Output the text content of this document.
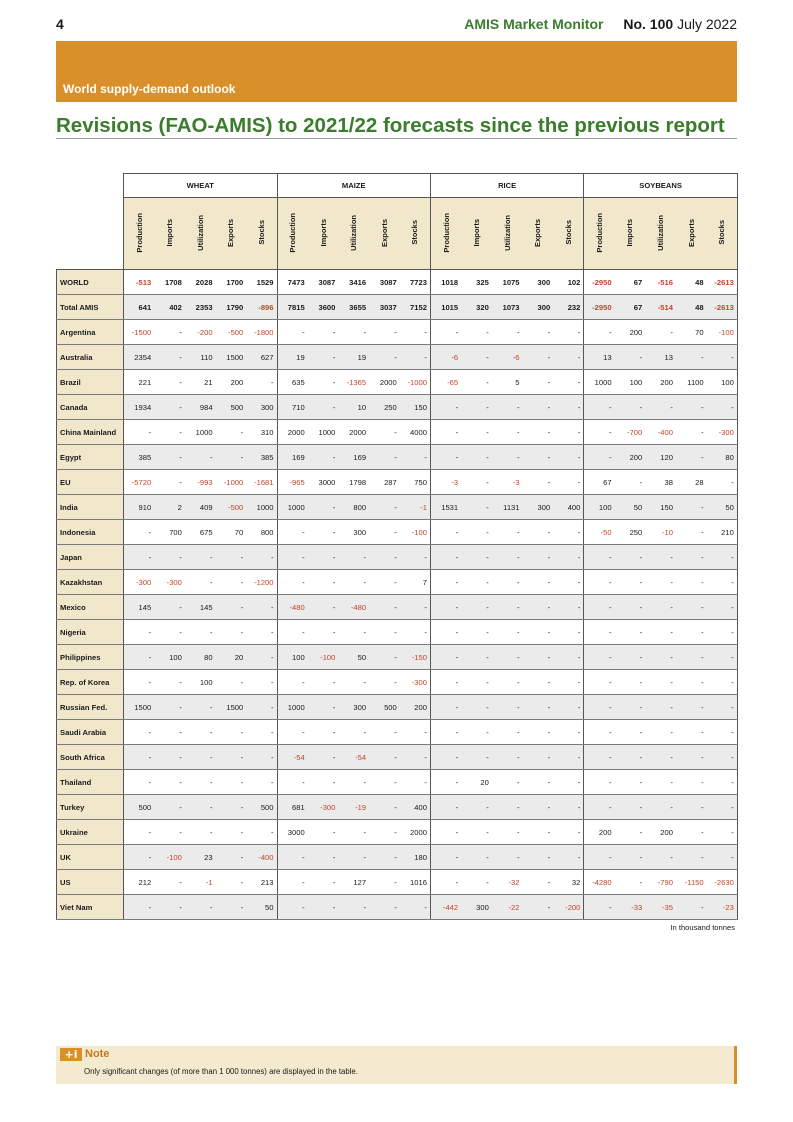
4	AMIS Market Monitor No. 100 July 2022
World supply-demand outlook
Revisions (FAO-AMIS) to 2021/22 forecasts since the previous report
	WHEAT					MAIZE					RICE					SOYBEANS				
	Production	Imports	Utilization	Exports	Stocks	Production	Imports	Utilization	Exports	Stocks	Production	Imports	Utilization	Exports	Stocks	Production	Imports	Utilization	Exports	Stocks
WORLD	-513	1708	2028	1700	1529	7473	3087	3416	3087	7723	1018	325	1075	300	102	-2950	67	-516	48	-2613
Total AMIS	641	402	2353	1790	-896	7815	3600	3655	3037	7152	1015	320	1073	300	232	-2950	67	-514	48	-2613
Argentina	-1500	-	-200	-500	-1800	-	-	-	-	-	-	-	-	-	-	-	200	-	70	-100
Australia	2354	-	110	1500	627	19	-	19	-	-	-6	-	-6	-	-	13	-	13	-	-
Brazil	221	-	21	200	-	635	-	-1365	2000	-1000	-65	-	5	-	-	1000	100	200	1100	100
Canada	1934	-	984	500	300	710	-	10	250	150	-	-	-	-	-	-	-	-	-	-
China Mainland	-	-	1000	-	310	2000	1000	2000	-	4000	-	-	-	-	-	-	-700	-400	-	-300
Egypt	385	-	-	-	385	169	-	169	-	-	-	-	-	-	-	-	200	120	-	80
EU	-5720	-	-993	-1000	-1681	-965	3000	1798	287	750	-3	-	-3	-	-	67	-	38	28	-
India	910	2	409	-500	1000	1000	-	800	-	-1	1531	-	1131	300	400	100	50	150	-	50
Indonesia	-	700	675	70	800	-	-	300	-	-100	-	-	-	-	-	-50	250	-10	-	210
Japan	-	-	-	-	-	-	-	-	-	-	-	-	-	-	-	-	-	-	-	-
Kazakhstan	-300	-300	-	-	-1200	-	-	-	-	7	-	-	-	-	-	-	-	-	-	-
Mexico	145	-	145	-	-	-480	-	-480	-	-	-	-	-	-	-	-	-	-	-	-
Nigeria	-	-	-	-	-	-	-	-	-	-	-	-	-	-	-	-	-	-	-	-
Philippines	-	100	80	20	-	100	-100	50	-	-150	-	-	-	-	-	-	-	-	-	-
Rep. of Korea	-	-	100	-	-	-	-	-	-	-300	-	-	-	-	-	-	-	-	-	-
Russian Fed.	1500	-	-	1500	-	1000	-	300	500	200	-	-	-	-	-	-	-	-	-	-
Saudi Arabia	-	-	-	-	-	-	-	-	-	-	-	-	-	-	-	-	-	-	-	-
South Africa	-	-	-	-	-	-54	-	-54	-	-	-	-	-	-	-	-	-	-	-	-
Thailand	-	-	-	-	-	-	-	-	-	-	-	20	-	-	-	-	-	-	-	-
Turkey	500	-	-	-	500	681	-300	-19	-	400	-	-	-	-	-	-	-	-	-	-
Ukraine	-	-	-	-	-	3000	-	-	-	2000	-	-	-	-	-	200	-	200	-	-
UK	-	-100	23	-	-400	-	-	-	-	180	-	-	-	-	-	-	-	-	-	-
US	212	-	-1	-	213	-	-	127	-	1016	-	-	-32	-	32	-4280	-	-790	-1150	-2630
Viet Nam	-	-	-	-	50	-	-	-	-	-	-442	300	-22	-	-200	-	-33	-35	-	-23
In thousand tonnes
+i Note
Only significant changes (of more than 1 000 tonnes) are displayed in the table.
